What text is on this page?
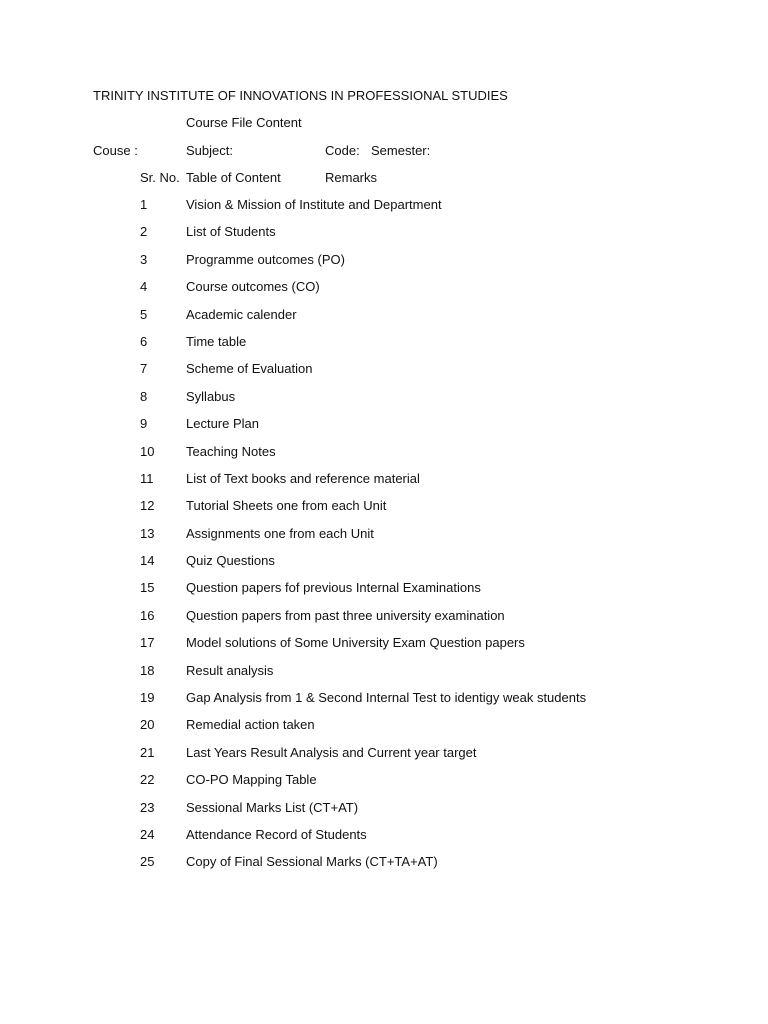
TRINITY INSTITUTE OF INNOVATIONS IN PROFESSIONAL STUDIES
Course File Content
Couse :	Subject:	Code: Semester:
Sr. No. Table of Content	Remarks
1	Vision & Mission of Institute and Department
2	List of Students
3	Programme outcomes (PO)
4	Course outcomes (CO)
5	Academic calender
6	Time table
7	Scheme of Evaluation
8	Syllabus
9	Lecture Plan
10 Teaching Notes
11	List of Text books and reference material
12 Tutorial Sheets one from each Unit
13 Assignments one from each Unit
14 Quiz Questions
15 Question papers fof previous Internal Examinations
16 Question papers from past three university examination
17 Model solutions of Some University Exam Question papers
18 Result analysis
19 Gap Analysis from 1 & Second Internal Test to identigy weak students
20 Remedial action taken
21 Last Years Result Analysis and Current year target
22 CO-PO Mapping Table
23 Sessional Marks List (CT+AT)
24 Attendance Record of Students
25 Copy of Final Sessional Marks (CT+TA+AT)
